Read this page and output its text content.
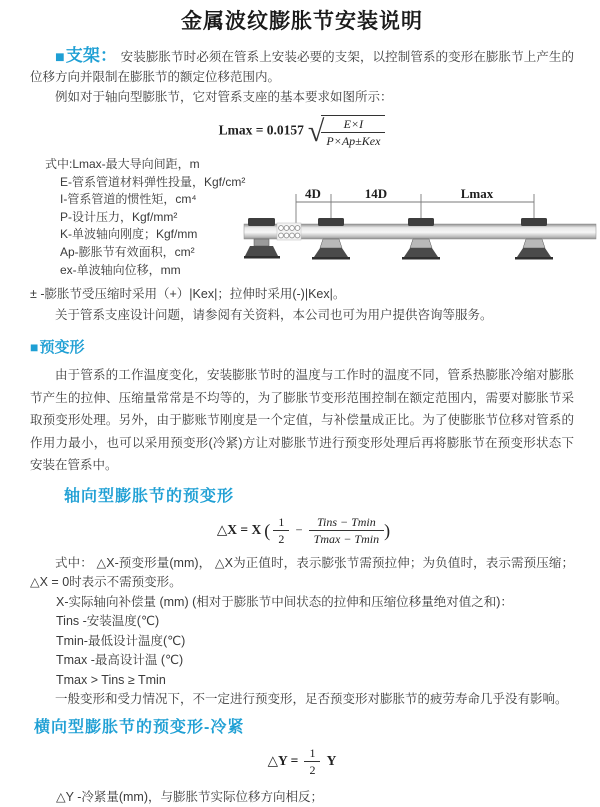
金属波纹膨胀节安装说明

■支架： 安装膨胀节时必须在管系上安装必要的支架，以控制管系的变形在膨胀节上产生的位移方向并限制在膨胀节的额定位移范围内。

例如对于轴向型膨胀节，它对管系支座的基本要求如图所示：

Lmax = 0.0157 √
$\frac{E\times I}{\text{P×Ap±Kex}}$
式中:Lmax-最大导向间距，m
E-管系管道材料弹性投量，Kgf/cm²
I-管系管道的惯性矩，cm⁴
P-设计压力，Kgf/mm²
K-单波轴向刚度；Kgf/mm
Ap-膨胀节有效面积，cm²
ex-单波轴向位移，mm
4D	14D	Lmax
± -膨胀节受压缩时采用（+）|Kex|；拉伸时采用(-)|Kex|。
关于管系支座设计问题，请参阅有关资料，本公司也可为用户提供咨询等服务。
■预变形

由于管系的工作温度变化，安装膨胀节时的温度与工作时的温度不同，管系热膨胀冷缩对膨胀节产生的拉伸、压缩量常常是不均等的，为了膨胀节变形范围控制在额定范围内，需要对膨胀节采取预变形处理。另外，由于膨账节刚度是一个定值，与补偿量成正比。为了使膨胀节位移对管系的作用力最小，也可以采用预变形(冷紧)方让对膨胀节进行预变形处理后再将膨胀节在预变形状态下安装在管系中。

轴向型膨胀节的预变形
△X = X ( $\frac{1}{2} - \frac{\text{Tins − Tmin}}{Tmax - Tmin}$ )
式中： △X-预变形量(mm)， △X为正值时，表示膨张节需预拉伸；为负值时，表示需预压缩； △X = 0时表示不需预变形。
X-实际轴向补偿量 (mm) (相对于膨胀节中间状态的拉伸和压缩位移量绝对值之和)：
Tins -安装温度(℃)
Tmin-最低设计温度(℃)
Tmax -最高设计温 (℃)
Tmax > Tins ≥ Tmin
一般变形和受力情况下，不一定进行预变形，足否预变形对膨胀节的疲劳寿命几乎没有影响。
横向型膨胀节的预变形-冷紧
△Y = $\frac{1}{2}$ Y
△Y -冷紧量(mm)，与膨胀节实际位移方向相反；
